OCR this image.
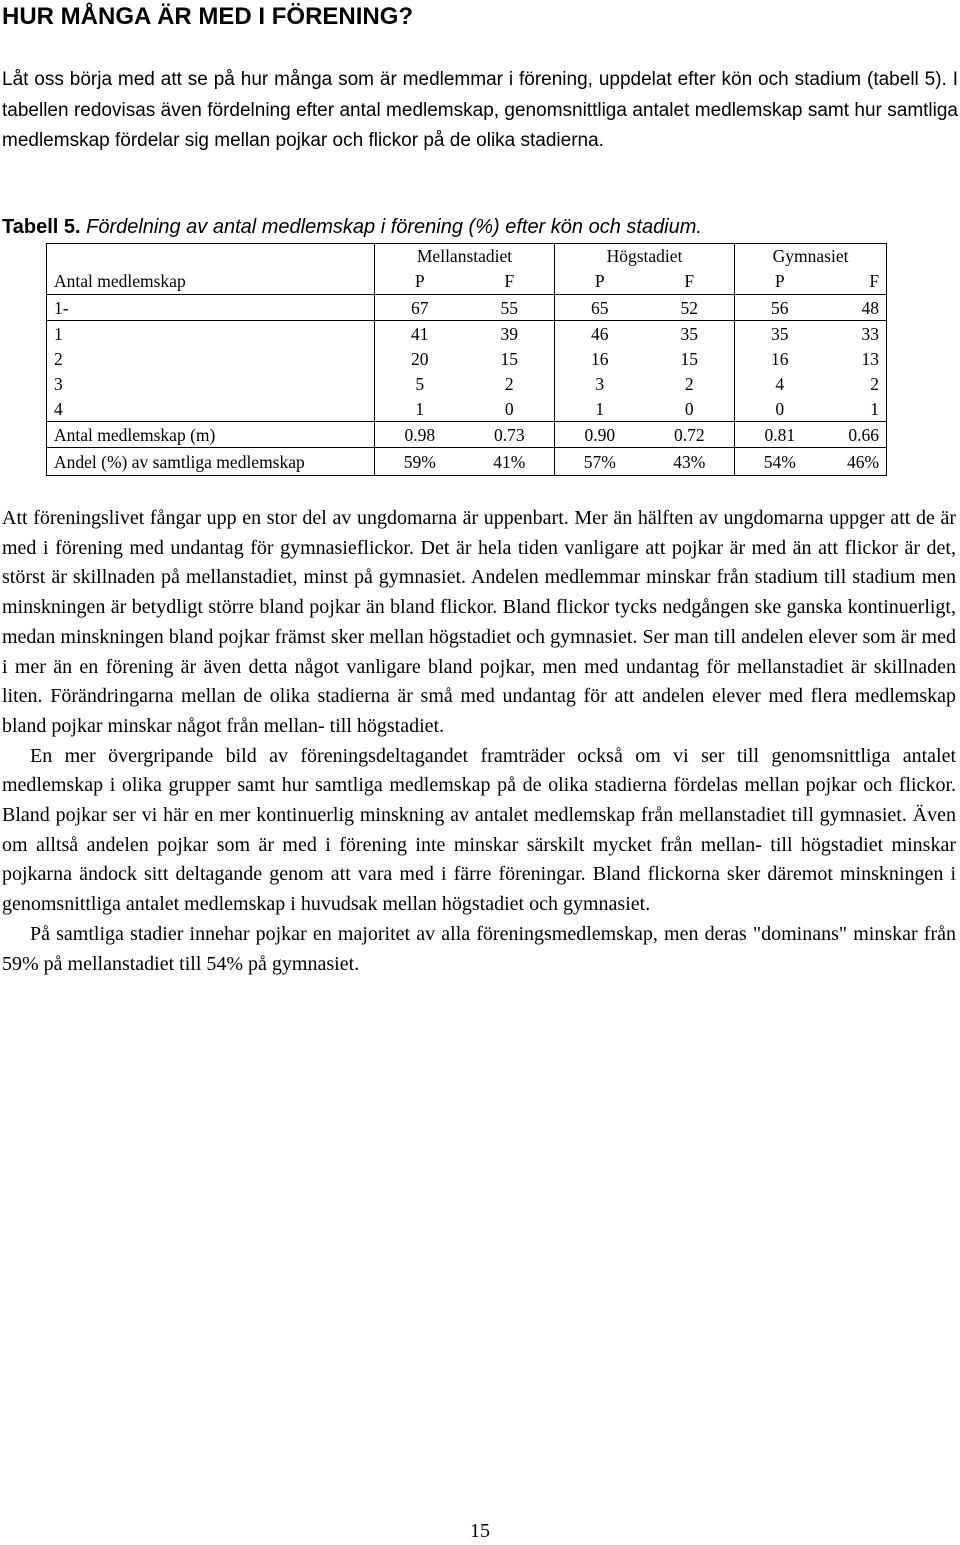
HUR MÅNGA ÄR MED I FÖRENING?

Låt oss börja med att se på hur många som är medlemmar i förening, uppdelat efter kön och stadium (tabell 5). I tabellen redovisas även fördelning efter antal medlemskap, genomsnittliga antalet medlemskap samt hur samtliga medlemskap fördelar sig mellan pojkar och flickor på de olika stadierna.

Tabell 5. Fördelning av antal medlemskap i förening (%) efter kön och stadium.

	Mellanstadiet		Högstadiet		Gymnasiet	
Antal medlemskap	P	F	P	F	P	F
1-	67	55	65	52	56	48
1	41	39	46	35	35	33
2	20	15	16	15	16	13
3	5	2	3	2	4	2
4	1	0	1	0	0	1
Antal medlemskap (m)	0.98	0.73	0.90	0.72	0.81	0.66
Andel (%) av samtliga medlemskap	59%	41%	57%	43%	54%	46%

Att föreningslivet fångar upp en stor del av ungdomarna är uppenbart. Mer än hälften av ungdomarna uppger att de är med i förening med undantag för gymnasieflickor. Det är hela tiden vanligare att pojkar är med än att flickor är det, störst är skillnaden på mellanstadiet, minst på gymnasiet. Andelen medlemmar minskar från stadium till stadium men minskningen är betydligt större bland pojkar än bland flickor. Bland flickor tycks nedgången ske ganska kontinuerligt, medan minskningen bland pojkar främst sker mellan högstadiet och gymnasiet. Ser man till andelen elever som är med i mer än en förening är även detta något vanligare bland pojkar, men med undantag för mellanstadiet är skillnaden liten. Förändringarna mellan de olika stadierna är små med undantag för att andelen elever med flera medlemskap bland pojkar minskar något från mellan- till högstadiet.

En mer övergripande bild av föreningsdeltagandet framträder också om vi ser till genomsnittliga antalet medlemskap i olika grupper samt hur samtliga medlemskap på de olika stadierna fördelas mellan pojkar och flickor. Bland pojkar ser vi här en mer kontinuerlig minskning av antalet medlemskap från mellanstadiet till gymnasiet. Även om alltså andelen pojkar som är med i förening inte minskar särskilt mycket från mellan- till högstadiet minskar pojkarna ändock sitt deltagande genom att vara med i färre föreningar. Bland flickorna sker däremot minskningen i genomsnittliga antalet medlemskap i huvudsak mellan högstadiet och gymnasiet.

På samtliga stadier innehar pojkar en majoritet av alla föreningsmedlemskap, men deras "dominans" minskar från 59% på mellanstadiet till 54% på gymnasiet.

15
